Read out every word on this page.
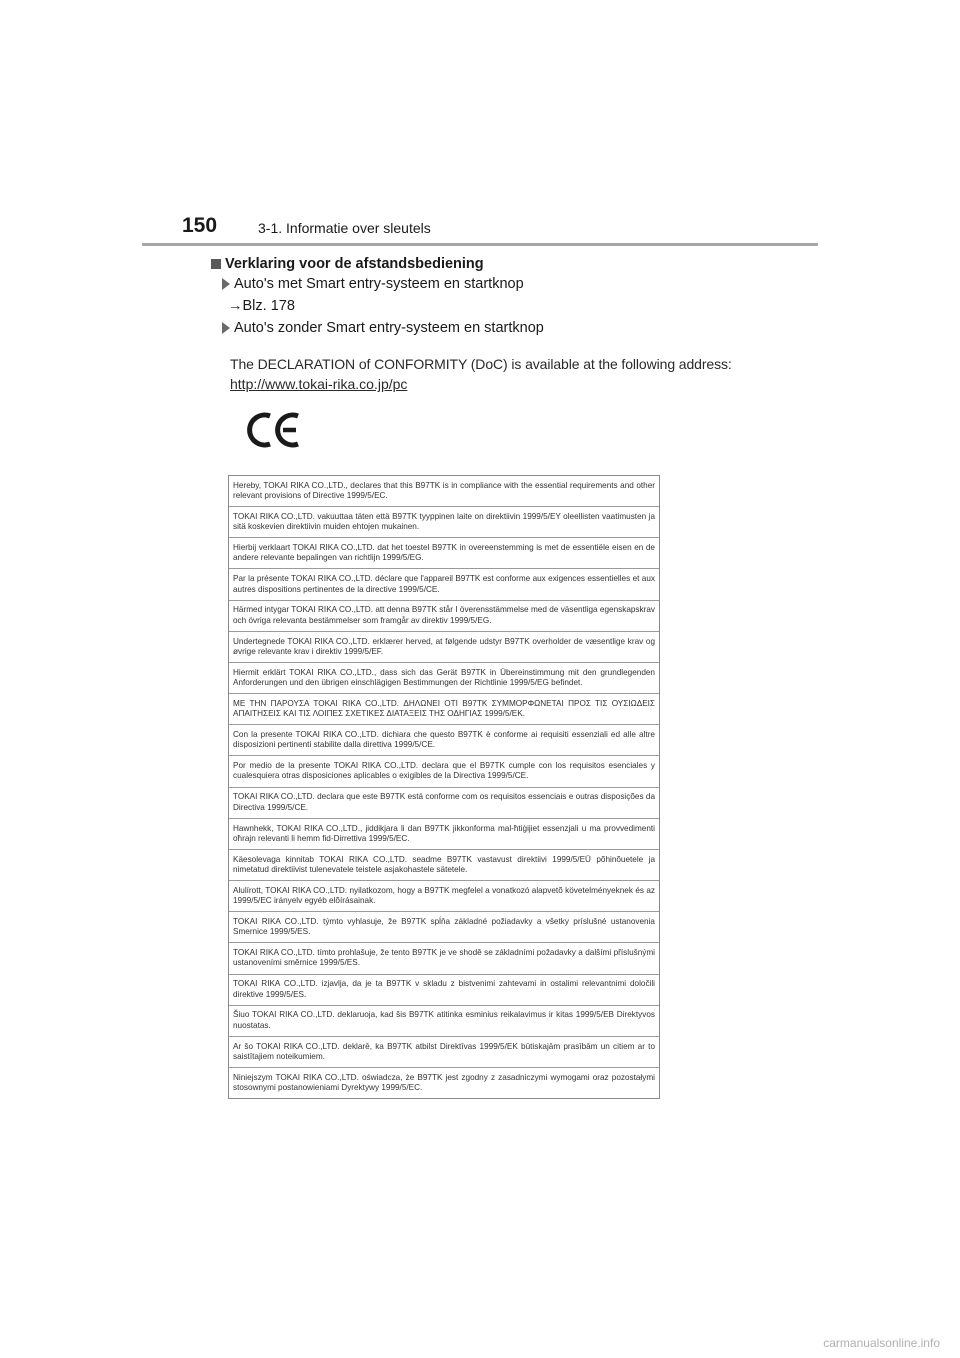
150	3-1. Informatie over sleutels
Verklaring voor de afstandsbediening
Auto's met Smart entry-systeem en startknop
→Blz. 178
Auto's zonder Smart entry-systeem en startknop
The DECLARATION of CONFORMITY (DoC) is available at the following address:
http://www.tokai-rika.co.jp/pc
Hereby, TOKAI RIKA CO.,LTD., declares that this B97TK is in compliance with the essential requirements and other relevant provisions of Directive 1999/5/EC.
TOKAI RIKA CO.,LTD. vakuuttaa täten että B97TK tyyppinen laite on direktiivin 1999/5/EY oleellisten vaatimusten ja sitä koskevien direktiivin muiden ehtojen mukainen.
Hierbij verklaart TOKAI RIKA CO.,LTD. dat het toestel B97TK in overeenstemming is met de essentiële eisen en de andere relevante bepalingen van richtlijn 1999/5/EG.
Par la présente TOKAI RIKA CO.,LTD. déclare que l'appareil B97TK est conforme aux exigences essentielles et aux autres dispositions pertinentes de la directive 1999/5/CE.
Härmed intygar TOKAI RIKA CO.,LTD. att denna B97TK står I överensstämmelse med de väsentliga egenskapskrav och övriga relevanta bestämmelser som framgår av direktiv 1999/5/EG.
Undertegnede TOKAI RIKA CO.,LTD. erklærer herved, at følgende udstyr B97TK overholder de væsentlige krav og øvrige relevante krav i direktiv 1999/5/EF.
Hiermit erklärt TOKAI RIKA CO.,LTD., dass sich das Gerät B97TK in Übereinstimmung mit den grundlegenden Anforderungen und den übrigen einschlägigen Bestimmungen der Richtlinie 1999/5/EG befindet.
ΜΕ ΤΗΝ ΠΑΡΟΥΣΑ TOKAI RIKA CO.,LTD. ΔΗΛΩΝΕΙ ΟΤΙ B97TK ΣΥΜΜΟΡΦΩΝΕΤΑΙ ΠΡΟΣ ΤΙΣ ΟΥΣΙΩΔΕΙΣ ΑΠΑΙΤΗΣΕΙΣ ΚΑΙ ΤΙΣ ΛΟΙΠΕΣ ΣΧΕΤΙΚΕΣ ΔΙΑΤΑΞΕΙΣ ΤΗΣ ΟΔΗΓΙΑΣ 1999/5/ΕΚ.
Con la presente TOKAI RIKA CO.,LTD. dichiara che questo B97TK è conforme ai requisiti essenziali ed alle altre disposizioni pertinenti stabilite dalla direttiva 1999/5/CE.
Por medio de la presente TOKAI RIKA CO.,LTD. declara que el B97TK cumple con los requisitos esenciales y cualesquiera otras disposiciones aplicables o exigibles de la Directiva 1999/5/CE.
TOKAI RIKA CO.,LTD. declara que este B97TK está conforme com os requisitos essenciais e outras disposições da Directiva 1999/5/CE.
Hawnhekk, TOKAI RIKA CO.,LTD., jiddikjara li dan B97TK jikkonforma mal-ħtiġijiet essenzjali u ma provvedimenti oħrajn relevanti li hemm fid-Dirrettiva 1999/5/EC.
Käesolevaga kinnitab TOKAI RIKA CO.,LTD. seadme B97TK vastavust direktiivi 1999/5/EÜ põhinõuetele ja nimetatud direktiivist tulenevatele teistele asjakohastele sätetele.
Alulírott, TOKAI RIKA CO.,LTD. nyilatkozom, hogy a B97TK megfelel a vonatkozó alapvetõ követelményeknek és az 1999/5/EC irányelv egyéb elõírásainak.
TOKAI RIKA CO.,LTD. týmto vyhlasuje, že B97TK spĺňa základné požiadavky a všetky príslušné ustanovenia Smernice 1999/5/ES.
TOKAI RIKA CO.,LTD. tímto prohlašuje, že tento B97TK je ve shodě se základními požadavky a dalšími příslušnými ustanoveními směrnice 1999/5/ES.
TOKAI RIKA CO.,LTD. izjavlja, da je ta B97TK v skladu z bistvenimi zahtevami in ostalimi relevantnimi določili direktive 1999/5/ES.
Šiuo TOKAI RIKA CO.,LTD. deklaruoja, kad šis B97TK atitinka esminius reikalavimus ir kitas 1999/5/EB Direktyvos nuostatas.
Ar šo TOKAI RIKA CO.,LTD. deklarē, ka B97TK atbilst Direktīvas 1999/5/EK būtiskajām prasībām un citiem ar to saistītajiem noteikumiem.
Niniejszym TOKAI RIKA CO.,LTD. oświadcza, że B97TK jest zgodny z zasadniczymi wymogami oraz pozostałymi stosownymi postanowieniami Dyrektywy 1999/5/EC.
carmanualsonline.info
